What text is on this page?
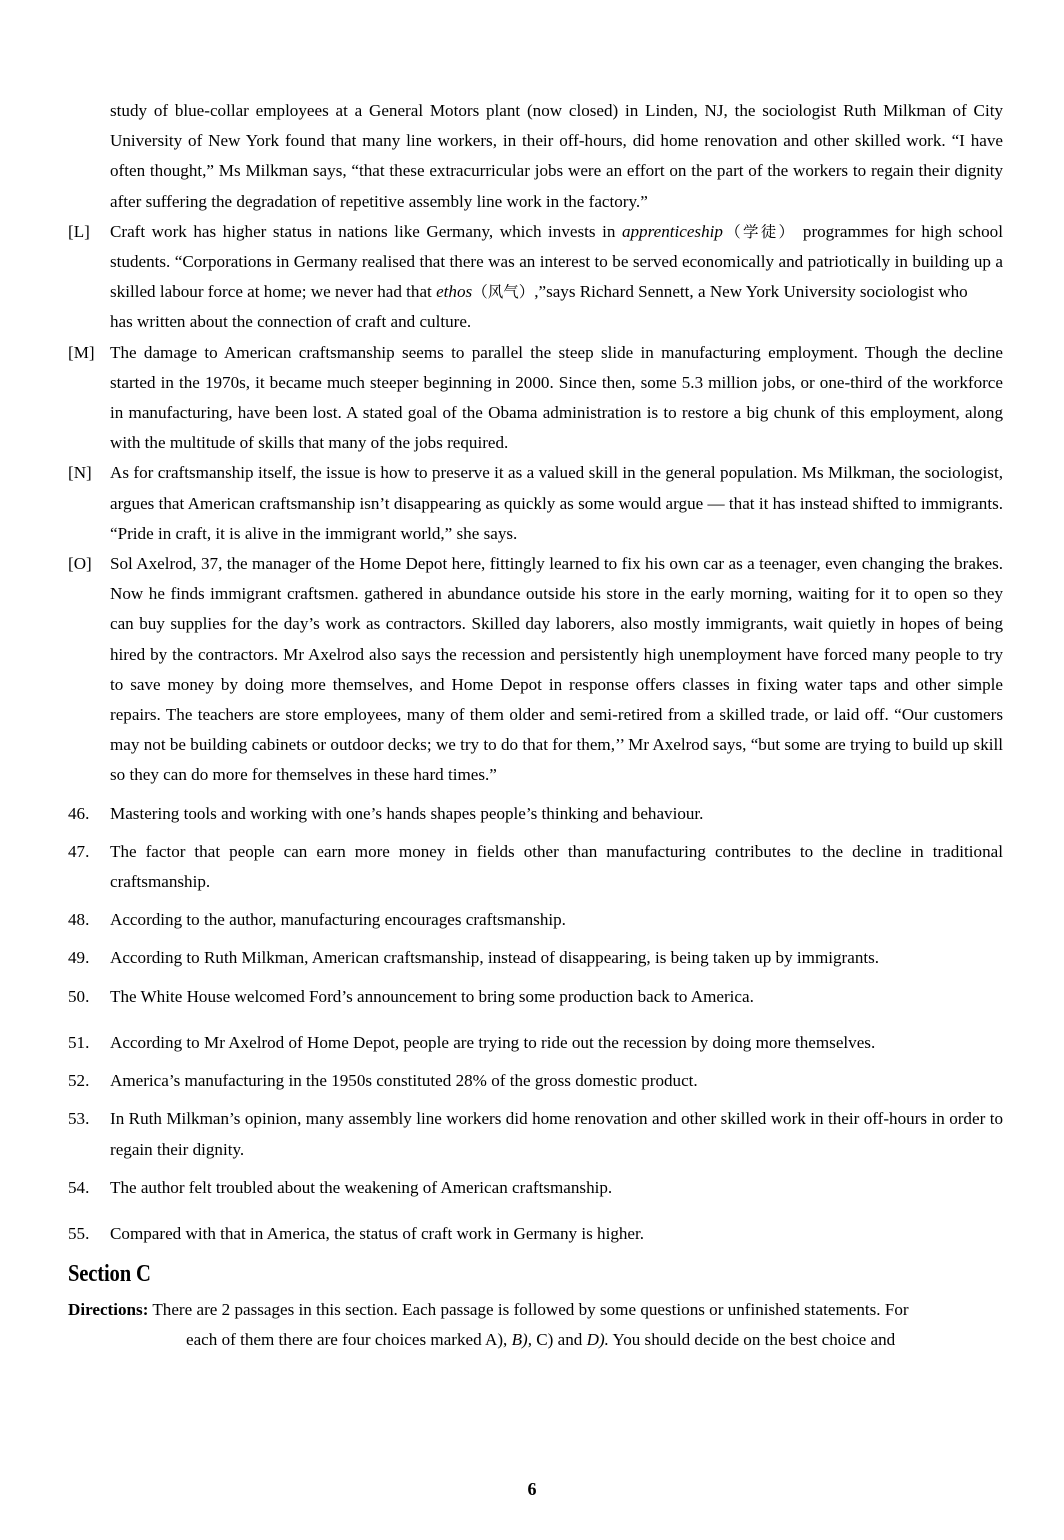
study of blue-collar employees at a General Motors plant (now closed) in Linden, NJ, the sociologist Ruth Milkman of City University of New York found that many line workers, in their off-hours, did home renovation and other skilled work. “I have often thought,” Ms Milkman says, “that these extracurricular jobs were an effort on the part of the workers to regain their dignity after suffering the degradation of repetitive assembly line work in the factory.”

[L]	Craft work has higher status in nations like Germany, which invests in apprenticeship（学徒） programmes for high school students. “Corporations in Germany realised that there was an interest to be served economically and patriotically in building up a skilled labour force at home; we never had that ethos（风气）,”says Richard Sennett, a New York University sociologist who
has written about the connection of craft and culture.

[M] The damage to American craftsmanship seems to parallel the steep slide in manufacturing employment. Though the decline started in the 1970s, it became much steeper beginning in 2000. Since then, some 5.3 million jobs, or one-third of the workforce in manufacturing, have been lost. A stated goal of the Obama administration is to restore a big chunk of this employment, along with the multitude of skills that many of the jobs required.

[N]	As for craftsmanship itself, the issue is how to preserve it as a valued skill in the general population. Ms Milkman, the sociologist, argues that American craftsmanship isn’t disappearing as quickly as some would argue — that it has instead shifted to immigrants. “Pride in craft, it is alive in the immigrant world,” she says.

[O]	Sol Axelrod, 37, the manager of the Home Depot here, fittingly learned to fix his own car as a teenager, even changing the brakes. Now he finds immigrant craftsmen. gathered in abundance outside his store in the early morning, waiting for it to open so they can buy supplies for the day’s work as contractors. Skilled day laborers, also mostly immigrants, wait quietly in hopes of being hired by the contractors. Mr Axelrod also says the recession and persistently high unemployment have forced many people to try to save money by doing more themselves, and Home Depot in response offers classes in fixing water taps and other simple repairs. The teachers are store employees, many of them older and semi-retired from a skilled trade, or laid off. “Our customers may not be building cabinets or outdoor decks; we try to do that for them,’’ Mr Axelrod says, “but some are trying to build up skill so they can do more for themselves in these hard times.”

46.	Mastering tools and working with one’s hands shapes people’s thinking and behaviour.
47.	The factor that people can earn more money in fields other than manufacturing contributes to the decline in traditional craftsmanship.
48.	According to the author, manufacturing encourages craftsmanship.
49.	According to Ruth Milkman, American craftsmanship, instead of disappearing, is being taken up by immigrants.
50.	The White House welcomed Ford’s announcement to bring some production back to America.
51.	According to Mr Axelrod of Home Depot, people are trying to ride out the recession by doing more themselves.
52.	America’s manufacturing in the 1950s constituted 28% of the gross domestic product.
53.	In Ruth Milkman’s opinion, many assembly line workers did home renovation and other skilled work in their off-hours in order to regain their dignity.
54.	The author felt troubled about the weakening of American craftsmanship.
55.	Compared with that in America, the status of craft work in Germany is higher.
Section C
Directions: There are 2 passages in this section. Each passage is followed by some questions or unfinished statements. For
each of them there are four choices marked A), B), C) and D). You should decide on the best choice and
6
